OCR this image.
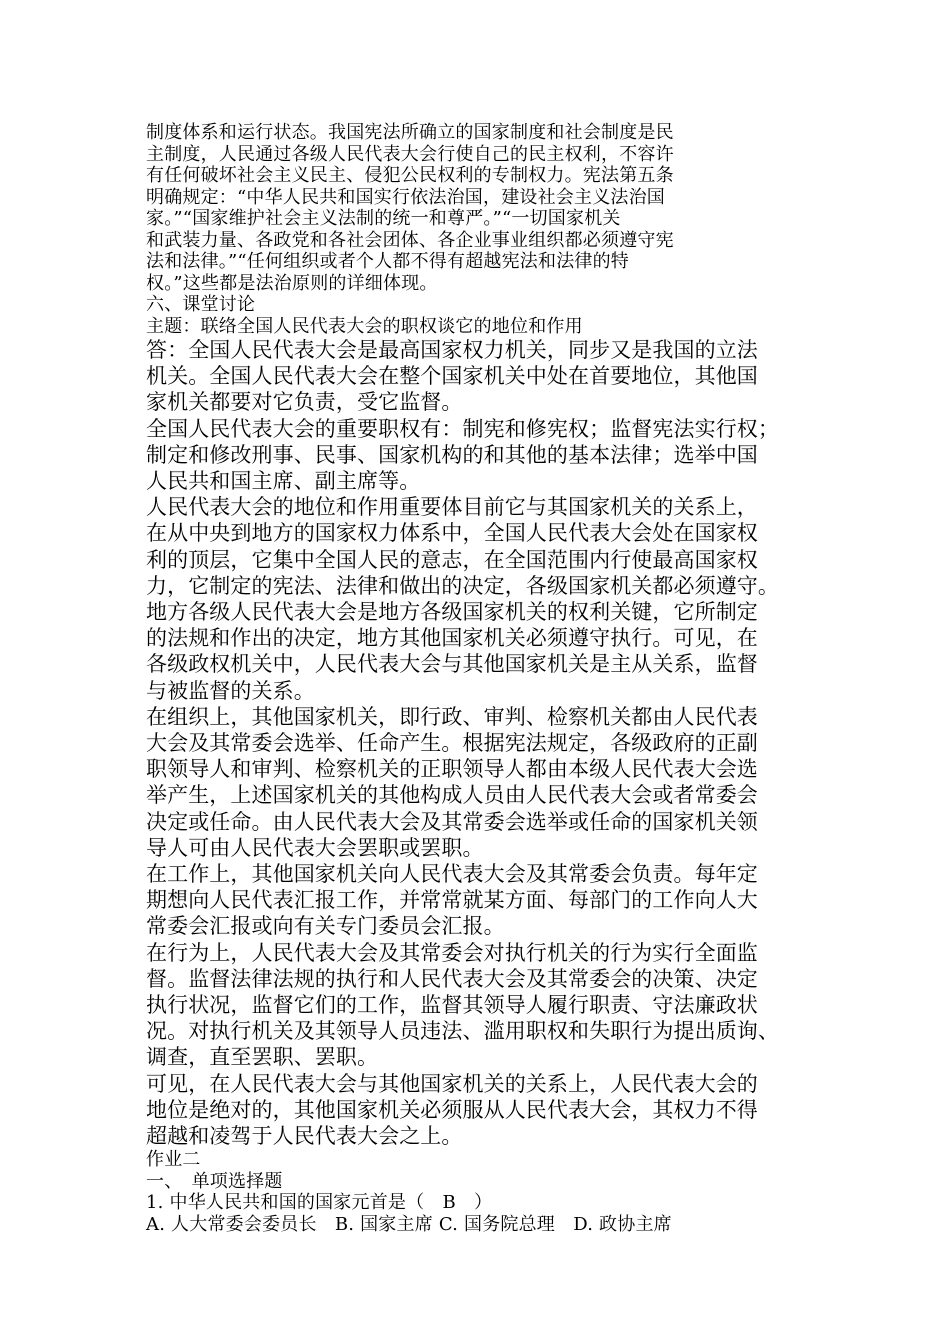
制度体系和运行状态。我国宪法所确立的国家制度和社会制度是民
主制度，人民通过各级人民代表大会行使自己的民主权利，不容许
有任何破坏社会主义民主、侵犯公民权利的专制权力。宪法第五条
明确规定：“中华人民共和国实行依法治国，建设社会主义法治国
家。”“国家维护社会主义法制的统一和尊严。”“一切国家机关
和武装力量、各政党和各社会团体、各企业事业组织都必须遵守宪
法和法律。”“任何组织或者个人都不得有超越宪法和法律的特
权。”这些都是法治原则的详细体现。
六、课堂讨论
主题：联络全国人民代表大会的职权谈它的地位和作用
答：全国人民代表大会是最高国家权力机关，同步又是我国的立法
机关。全国人民代表大会在整个国家机关中处在首要地位，其他国
家机关都要对它负责，受它监督。
全国人民代表大会的重要职权有：制宪和修宪权；监督宪法实行权；
制定和修改刑事、民事、国家机构的和其他的基本法律；选举中国
人民共和国主席、副主席等。
人民代表大会的地位和作用重要体目前它与其国家机关的关系上，
在从中央到地方的国家权力体系中，全国人民代表大会处在国家权
利的顶层，它集中全国人民的意志，在全国范围内行使最高国家权
力，它制定的宪法、法律和做出的决定，各级国家机关都必须遵守。
地方各级人民代表大会是地方各级国家机关的权利关键，它所制定
的法规和作出的决定，地方其他国家机关必须遵守执行。可见，在
各级政权机关中，人民代表大会与其他国家机关是主从关系，监督
与被监督的关系。
在组织上，其他国家机关，即行政、审判、检察机关都由人民代表
大会及其常委会选举、任命产生。根据宪法规定，各级政府的正副
职领导人和审判、检察机关的正职领导人都由本级人民代表大会选
举产生，上述国家机关的其他构成人员由人民代表大会或者常委会
决定或任命。由人民代表大会及其常委会选举或任命的国家机关领
导人可由人民代表大会罢职或罢职。
在工作上，其他国家机关向人民代表大会及其常委会负责。每年定
期想向人民代表汇报工作，并常常就某方面、每部门的工作向人大
常委会汇报或向有关专门委员会汇报。
在行为上，人民代表大会及其常委会对执行机关的行为实行全面监
督。监督法律法规的执行和人民代表大会及其常委会的决策、决定
执行状况，监督它们的工作，监督其领导人履行职责、守法廉政状
况。对执行机关及其领导人员违法、滥用职权和失职行为提出质询、
调查，直至罢职、罢职。
可见，在人民代表大会与其他国家机关的关系上，人民代表大会的
地位是绝对的，其他国家机关必须服从人民代表大会，其权力不得
超越和凌驾于人民代表大会之上。
作业二
一、　单项选择题
1. 中华人民共和国的国家元首是（　B　）
A. 人大常委会委员长　B. 国家主席 C. 国务院总理　D. 政协主席
